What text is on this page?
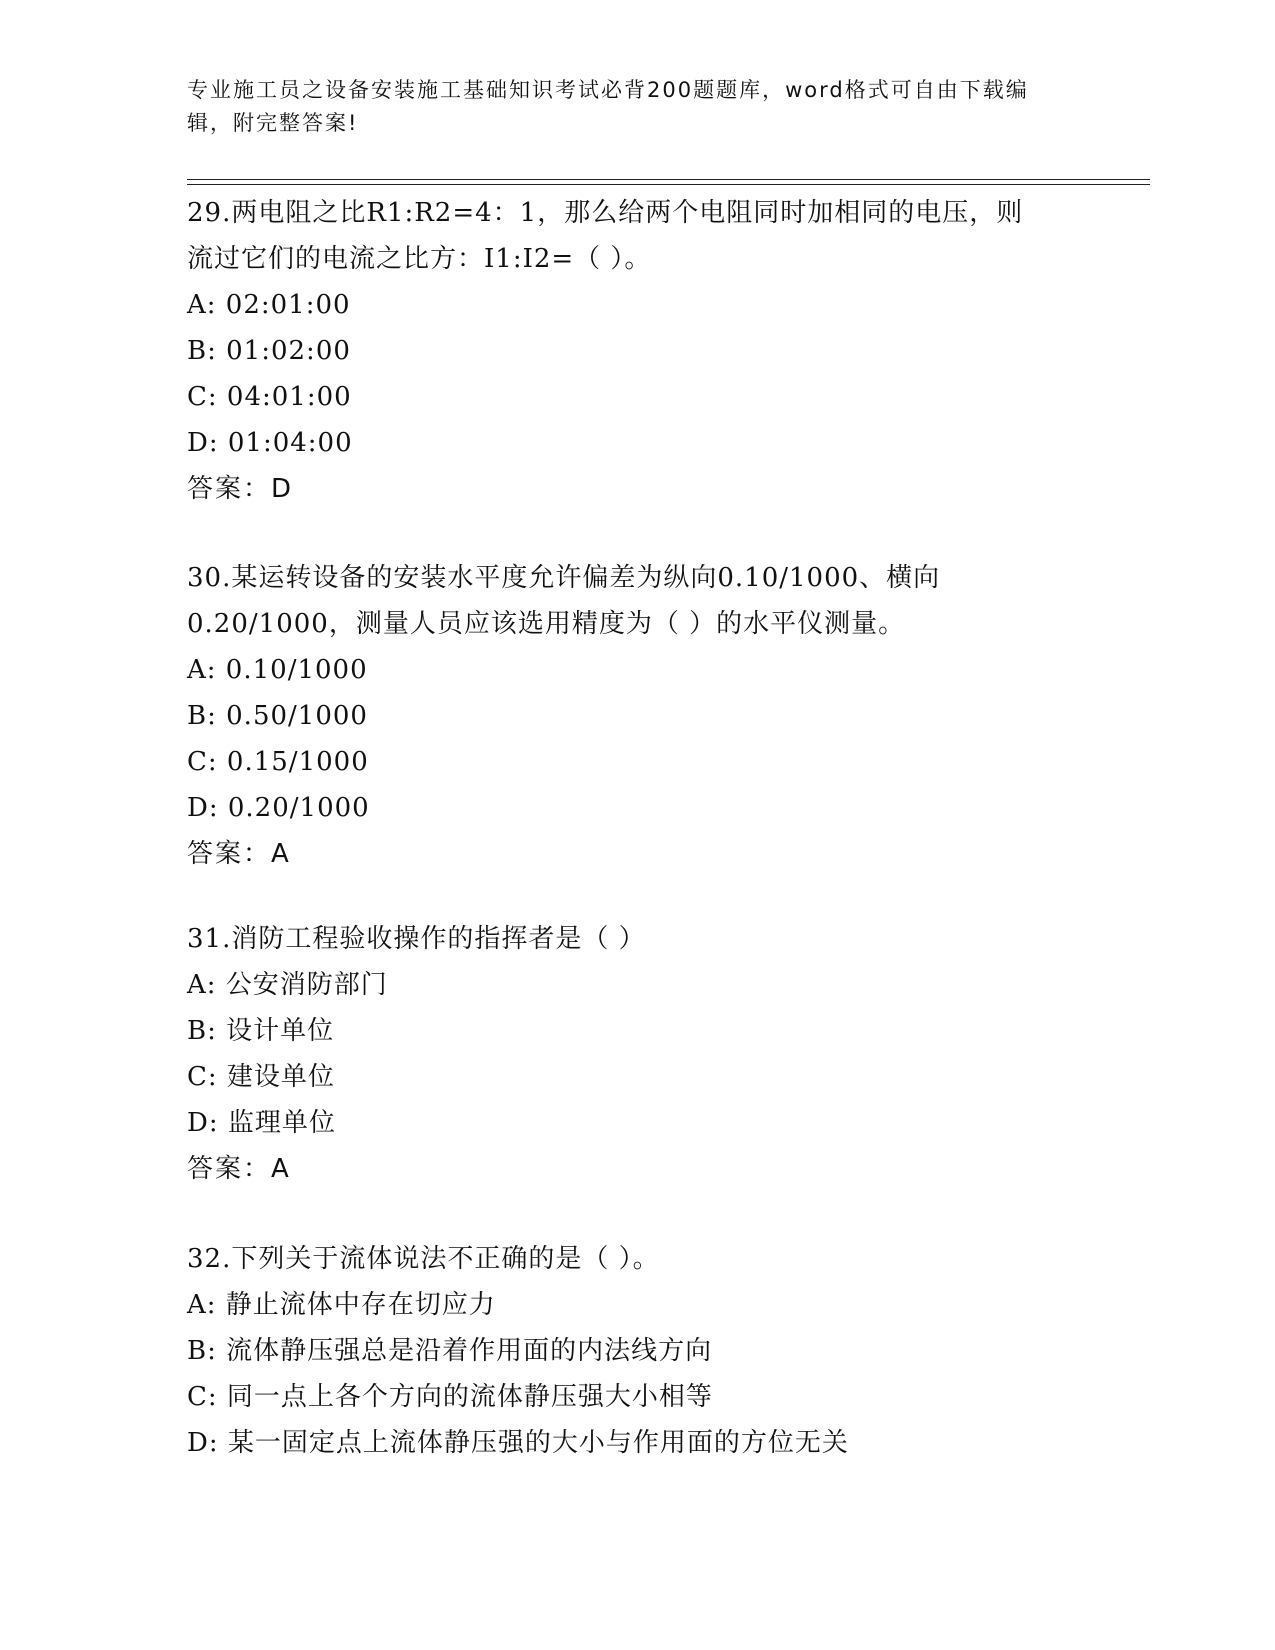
专业施工员之设备安装施工基础知识考试必背200题题库，word格式可自由下载编辑，附完整答案!

29.两电阻之比R1:R2=4：1，那么给两个电阻同时加相同的电压，则流过它们的电流之比方：I1:I2=（ ）。

A: 02:01:00

B: 01:02:00

C: 04:01:00

D: 01:04:00

答案：D

30.某运转设备的安装水平度允许偏差为纵向0.10/1000、横向0.20/1000，测量人员应该选用精度为（ ）的水平仪测量。

A: 0.10/1000

B: 0.50/1000

C: 0.15/1000

D: 0.20/1000

答案：A

31.消防工程验收操作的指挥者是（ ）

A: 公安消防部门

B: 设计单位

C: 建设单位

D: 监理单位

答案：A

32.下列关于流体说法不正确的是（ ）。

A: 静止流体中存在切应力

B: 流体静压强总是沿着作用面的内法线方向

C: 同一点上各个方向的流体静压强大小相等

D: 某一固定点上流体静压强的大小与作用面的方位无关
